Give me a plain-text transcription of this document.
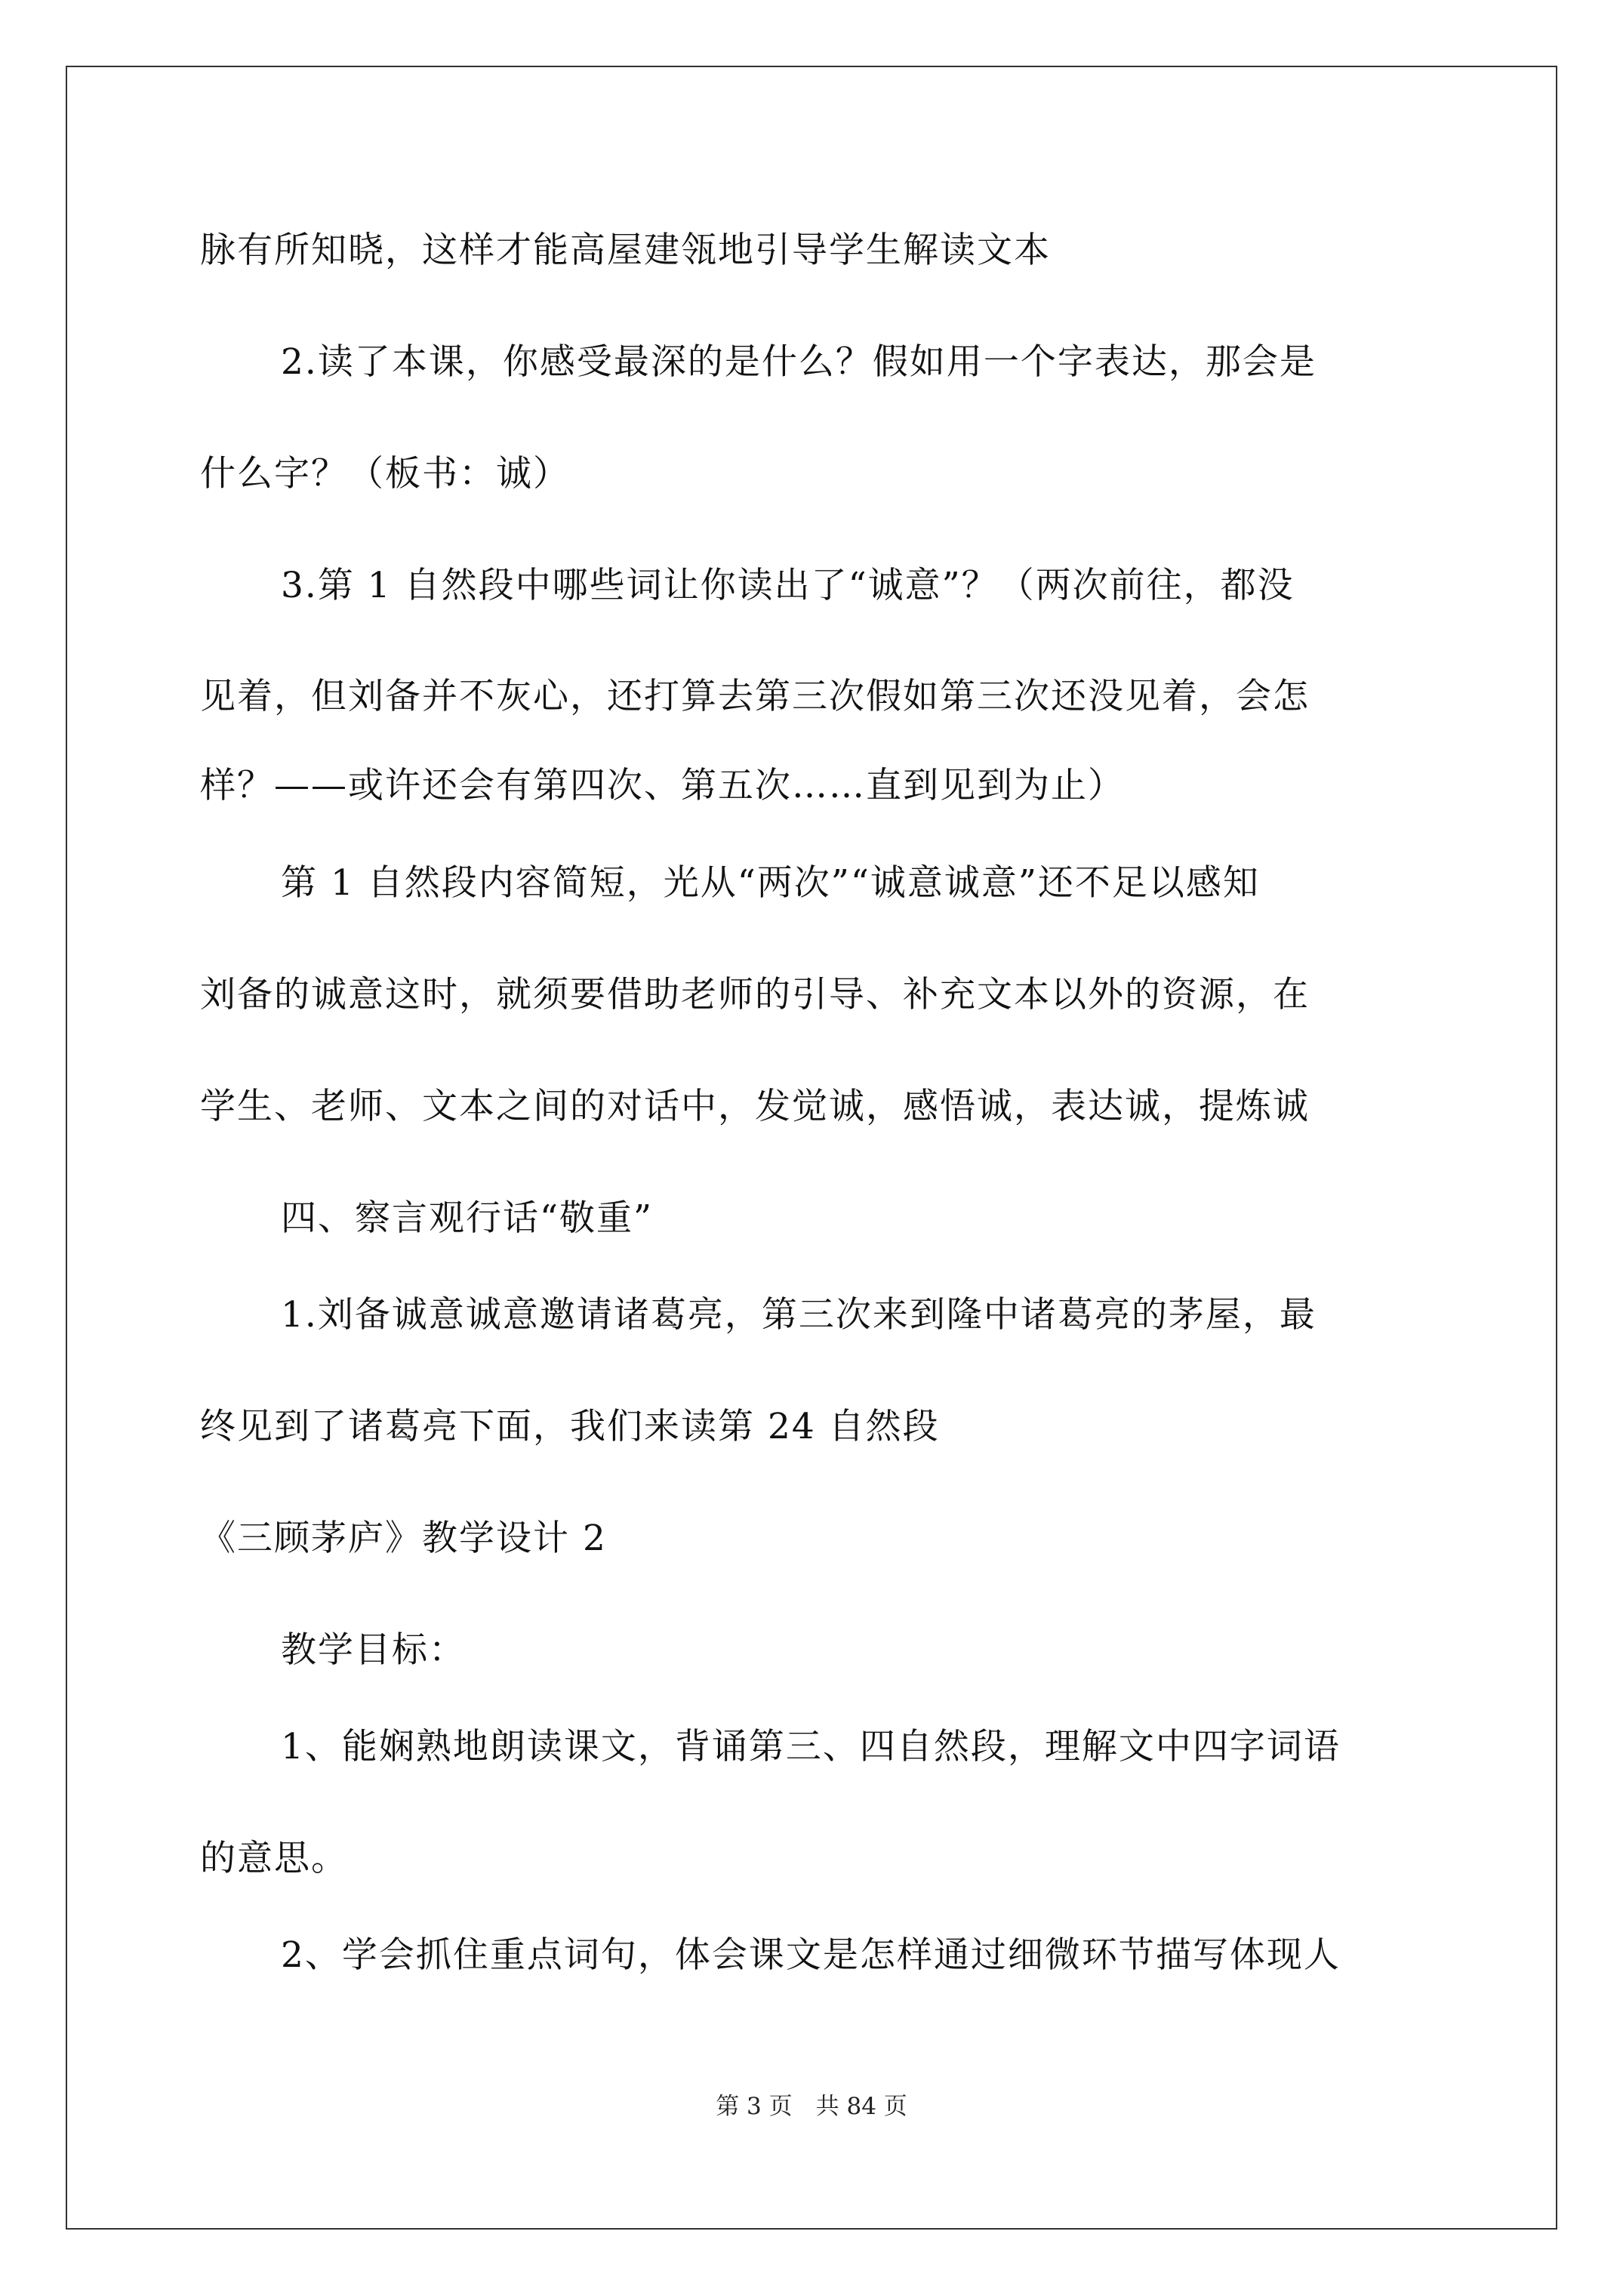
脉有所知晓，这样才能高屋建瓴地引导学生解读文本
2.读了本课，你感受最深的是什么？假如用一个字表达，那会是
什么字？（板书：诚）
3.第 1 自然段中哪些词让你读出了“诚意”？（两次前往，都没
见着，但刘备并不灰心，还打算去第三次假如第三次还没见着，会怎
样？——或许还会有第四次、第五次……直到见到为止）
第 1 自然段内容简短，光从“两次”“诚意诚意”还不足以感知
刘备的诚意这时，就须要借助老师的引导、补充文本以外的资源，在
学生、老师、文本之间的对话中，发觉诚，感悟诚，表达诚，提炼诚
四、察言观行话“敬重”
1.刘备诚意诚意邀请诸葛亮，第三次来到隆中诸葛亮的茅屋，最
终见到了诸葛亮下面，我们来读第 24 自然段
《三顾茅庐》教学设计 2
教学目标：
1、能娴熟地朗读课文，背诵第三、四自然段，理解文中四字词语
的意思。
2、学会抓住重点词句，体会课文是怎样通过细微环节描写体现人
第 3 页　共 84 页
